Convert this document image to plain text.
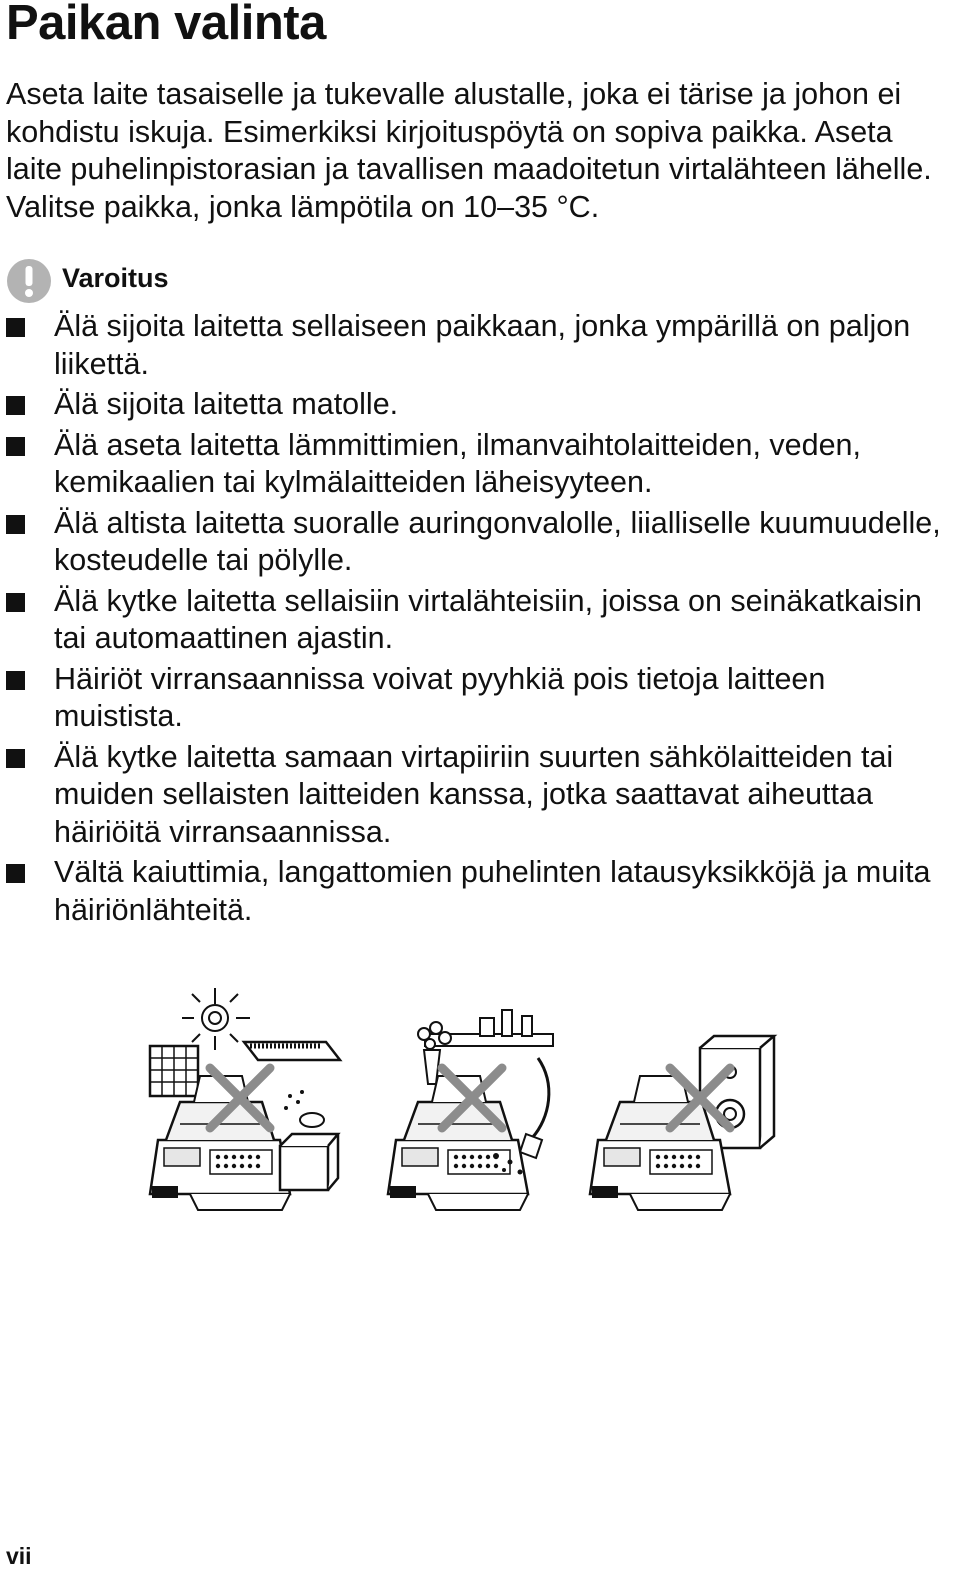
Paikan valinta

Aseta laite tasaiselle ja tukevalle alustalle, joka ei tärise ja johon ei kohdistu iskuja. Esimerkiksi kirjoituspöytä on sopiva paikka. Aseta laite puhelinpistorasian ja tavallisen maadoitetun virtalähteen lähelle. Valitse paikka, jonka lämpötila on 10–35 °C.

Varoitus
Älä sijoita laitetta sellaiseen paikkaan, jonka ympärillä on paljon liikettä.
Älä sijoita laitetta matolle.
Älä aseta laitetta lämmittimien, ilmanvaihtolaitteiden, veden, kemikaalien tai kylmälaitteiden läheisyyteen.
Älä altista laitetta suoralle auringonvalolle, liialliselle kuumuudelle, kosteudelle tai pölylle.
Älä kytke laitetta sellaisiin virtalähteisiin, joissa on seinäkatkaisin tai automaattinen ajastin.
Häiriöt virransaannissa voivat pyyhkiä pois tietoja laitteen muistista.
Älä kytke laitetta samaan virtapiiriin suurten sähkölaitteiden tai muiden sellaisten laitteiden kanssa, jotka saattavat aiheuttaa häiriöitä virransaannissa.
Vältä kaiuttimia, langattomien puhelinten latausyksikköjä ja muita häiriönlähteitä.
vii
